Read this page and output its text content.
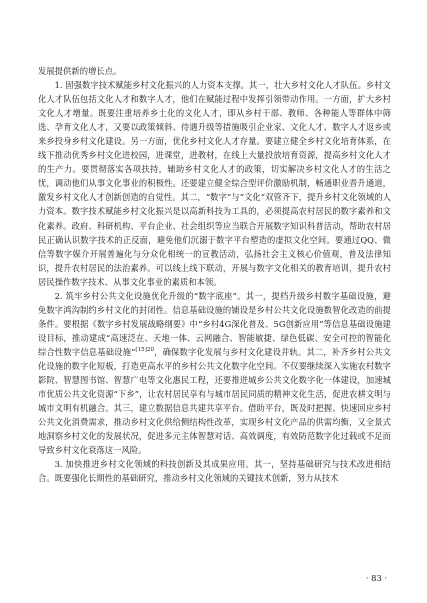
发展提供新的增长点。

1. 固强数字技术赋能乡村文化振兴的人力资本支撑。其一，壮大乡村文化人才队伍。乡村文化人才队伍包括文化人才和数字人才，他们在赋能过程中发挥引领带动作用。一方面，扩大乡村文化人才增量。既要注重培养乡土化的文化人才，即从乡村干部、教师、各种能人等群体中筛选、孕育文化人才，又要以政策倾斜、待遇升级等措施吸引企业家、文化人才、数字人才返乡或来乡投身乡村文化建设。另一方面，优化乡村文化人才存量。要建立健全乡村文化培育体系，在线下推动优秀乡村文化进校园，进课堂，进教材，在线上大量投放培育资源，提高乡村文化人才的生产力。要贯彻落实各项扶持，辅助乡村文化人才的政策，切实解决乡村文化人才的生活之忧，调动他们从事文化事业的积极性。还要建立健全综合型评价激励机制，畅通职业晋升通道，激发乡村文化人才创新创造的自觉性。其二，“数字”与“文化”双管齐下，提升乡村文化领域的人力资本。数字技术赋能乡村文化振兴是以高新科技为工具的，必须提高农村居民的数字素养和文化素养。政府、科研机构、平台企业、社会组织等应当联合开展数字知识科普活动，帮助农村居民正确认识数字技术的正反面，避免他们沉溺于数字平台塑造的虚拟文化空间。要通过QQ、微信等数字媒介开展普遍化与分众化相统一的宣教活动，弘扬社会主义核心价值观，普及法律知识，提升农村居民的法治素养。可以线上线下联动，开展与数字文化相关的教育培训，提升农村居民操作数字技术、从事文化事业的素质和本领。

2. 筑牢乡村公共文化设施优化升级的“数字底座”。其一，提档升级乡村数字基础设施，避免数字鸿沟制约乡村文化的封闭性。信息基础设施的铺设是乡村公共文化设施数智化改造的前提条件。要根据《数字乡村发展战略纲要》中“乡村4G深化普及、5G创新应用”等信息基础设施建设目标，推动建成“高速泛在、天地一体、云网融合、智能敏捷、绿色低碳、安全可控的智能化综合性数字信息基础设施”$^{[15]20}$，确保数字化发展与乡村文化建设并轨。其二，补齐乡村公共文化设施的数字化短板，打造更高水平的乡村公共文化数字化空间。不仅要继续深入实施农村数字影院、智慧图书馆、智慧广电等文化惠民工程，还要推进城乡公共文化数字化一体建设，加速城市优质公共文化资源“下乡”，让农村居民享有与城市居民同质的精神文化生活，促进农耕文明与城市文明有机融合。其三，建立数据信息共建共享平台。借助平台，既及时把握、快速回应乡村公共文化消费需求，推动乡村文化供给侧结构性改革，实现乡村文化产品的供需均衡，又全景式地洞察乡村文化的发展状况，促进多元主体智慧对话、高效调度，有效防范数字化过载或不足而导致乡村文化衰落这一风险。

3. 加快推进乡村文化领域的科技创新及其成果应用。其一，坚持基础研究与技术改进相结合。既要强化长期性的基础研究，推动乡村文化领域的关键技术创新，努力从技术

· 83 ·
